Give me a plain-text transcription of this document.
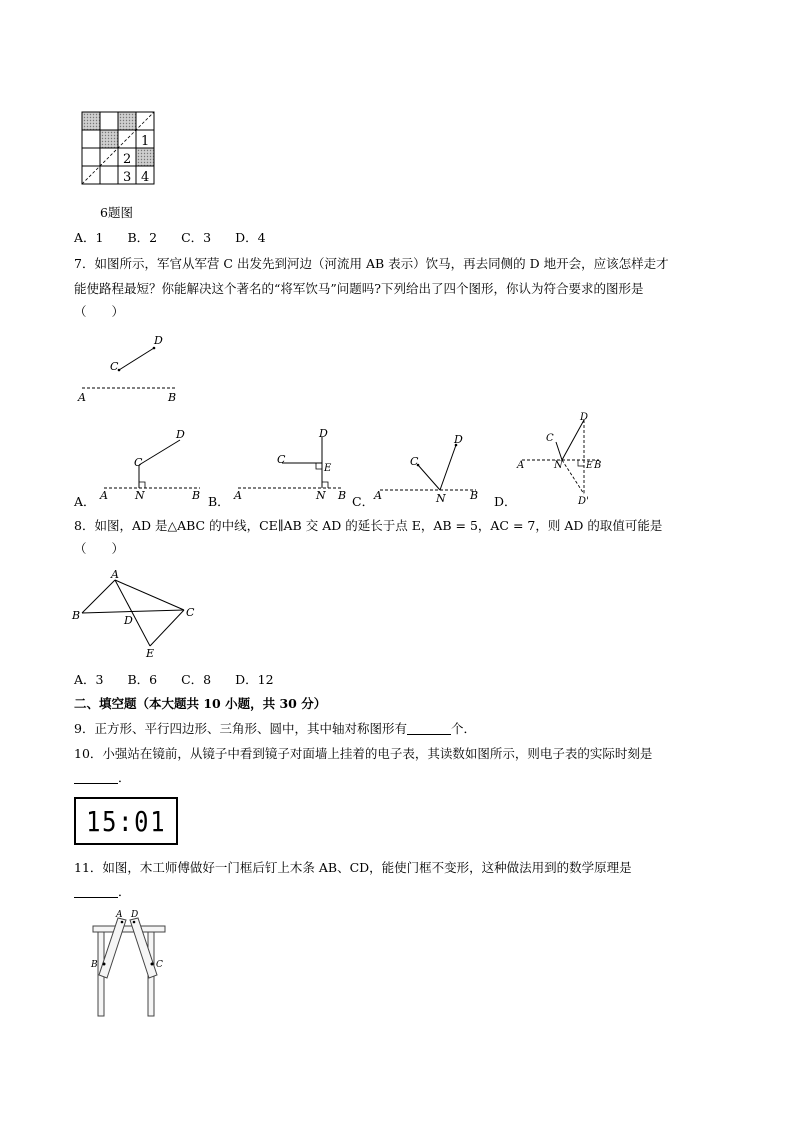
1
2
3 4
6题图
A．1 B．2 C．3 D．4
7．如图所示，军官从军营 C 出发先到河边（河流用 AB 表示）饮马，再去同侧的 D 地开会，应该怎样走才
能使路程最短？你能解决这个著名的“将军饮马”问题吗?下列给出了四个图形，你认为符合要求的图形是
（　　）
C
D
A	B
C
D
A N	B
A．
C
D
E
A	N B
B．
C
D
A	N B
C．
C
D
A	N	E B
D'
D．
8．如图，AD 是△ABC 的中线，CE∥AB 交 AD 的延长于点 E，AB = 5，AC = 7，则 AD 的取值可能是
（　　）
A
B	C
D
E
A．3 B．6 C．8 D．12
二、填空题（本大题共 10 小题，共 30 分）
9．正方形、平行四边形、三角形、圆中，其中轴对称图形有	个．
10．小强站在镜前，从镜子中看到镜子对面墙上挂着的电子表，其读数如图所示，则电子表的实际时刻是
．
15:01
11．如图，木工师傅做好一门框后钉上木条 AB、CD，能使门框不变形，这种做法用到的数学原理是
．
A D
B	C
